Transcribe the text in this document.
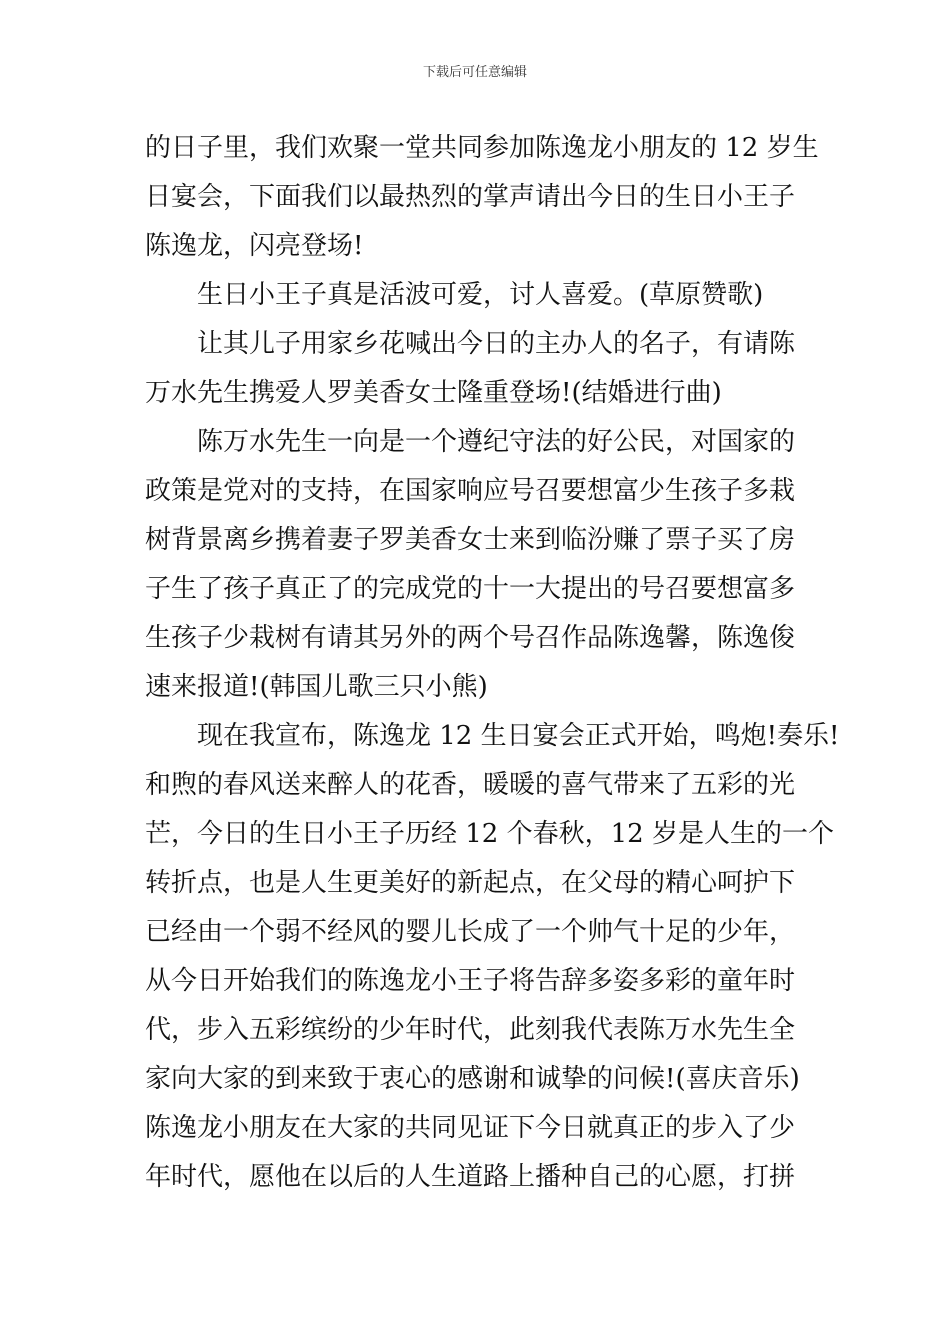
下载后可任意编辑
的日子里，我们欢聚一堂共同参加陈逸龙小朋友的 12 岁生
日宴会，下面我们以最热烈的掌声请出今日的生日小王子
陈逸龙，闪亮登场!
生日小王子真是活波可爱，讨人喜爱。(草原赞歌)
让其儿子用家乡花喊出今日的主办人的名子，有请陈
万水先生携爱人罗美香女士隆重登场!(结婚进行曲)
陈万水先生一向是一个遵纪守法的好公民，对国家的
政策是党对的支持，在国家响应号召要想富少生孩子多栽
树背景离乡携着妻子罗美香女士来到临汾赚了票子买了房
子生了孩子真正了的完成党的十一大提出的号召要想富多
生孩子少栽树有请其另外的两个号召作品陈逸馨，陈逸俊
速来报道!(韩国儿歌三只小熊)
现在我宣布，陈逸龙 12 生日宴会正式开始，鸣炮!奏乐!
和煦的春风送来醉人的花香，暖暖的喜气带来了五彩的光
芒，今日的生日小王子历经 12 个春秋，12 岁是人生的一个
转折点，也是人生更美好的新起点，在父母的精心呵护下
已经由一个弱不经风的婴儿长成了一个帅气十足的少年，
从今日开始我们的陈逸龙小王子将告辞多姿多彩的童年时
代，步入五彩缤纷的少年时代，此刻我代表陈万水先生全
家向大家的到来致于衷心的感谢和诚挚的问候!(喜庆音乐)
陈逸龙小朋友在大家的共同见证下今日就真正的步入了少
年时代，愿他在以后的人生道路上播种自己的心愿，打拼
